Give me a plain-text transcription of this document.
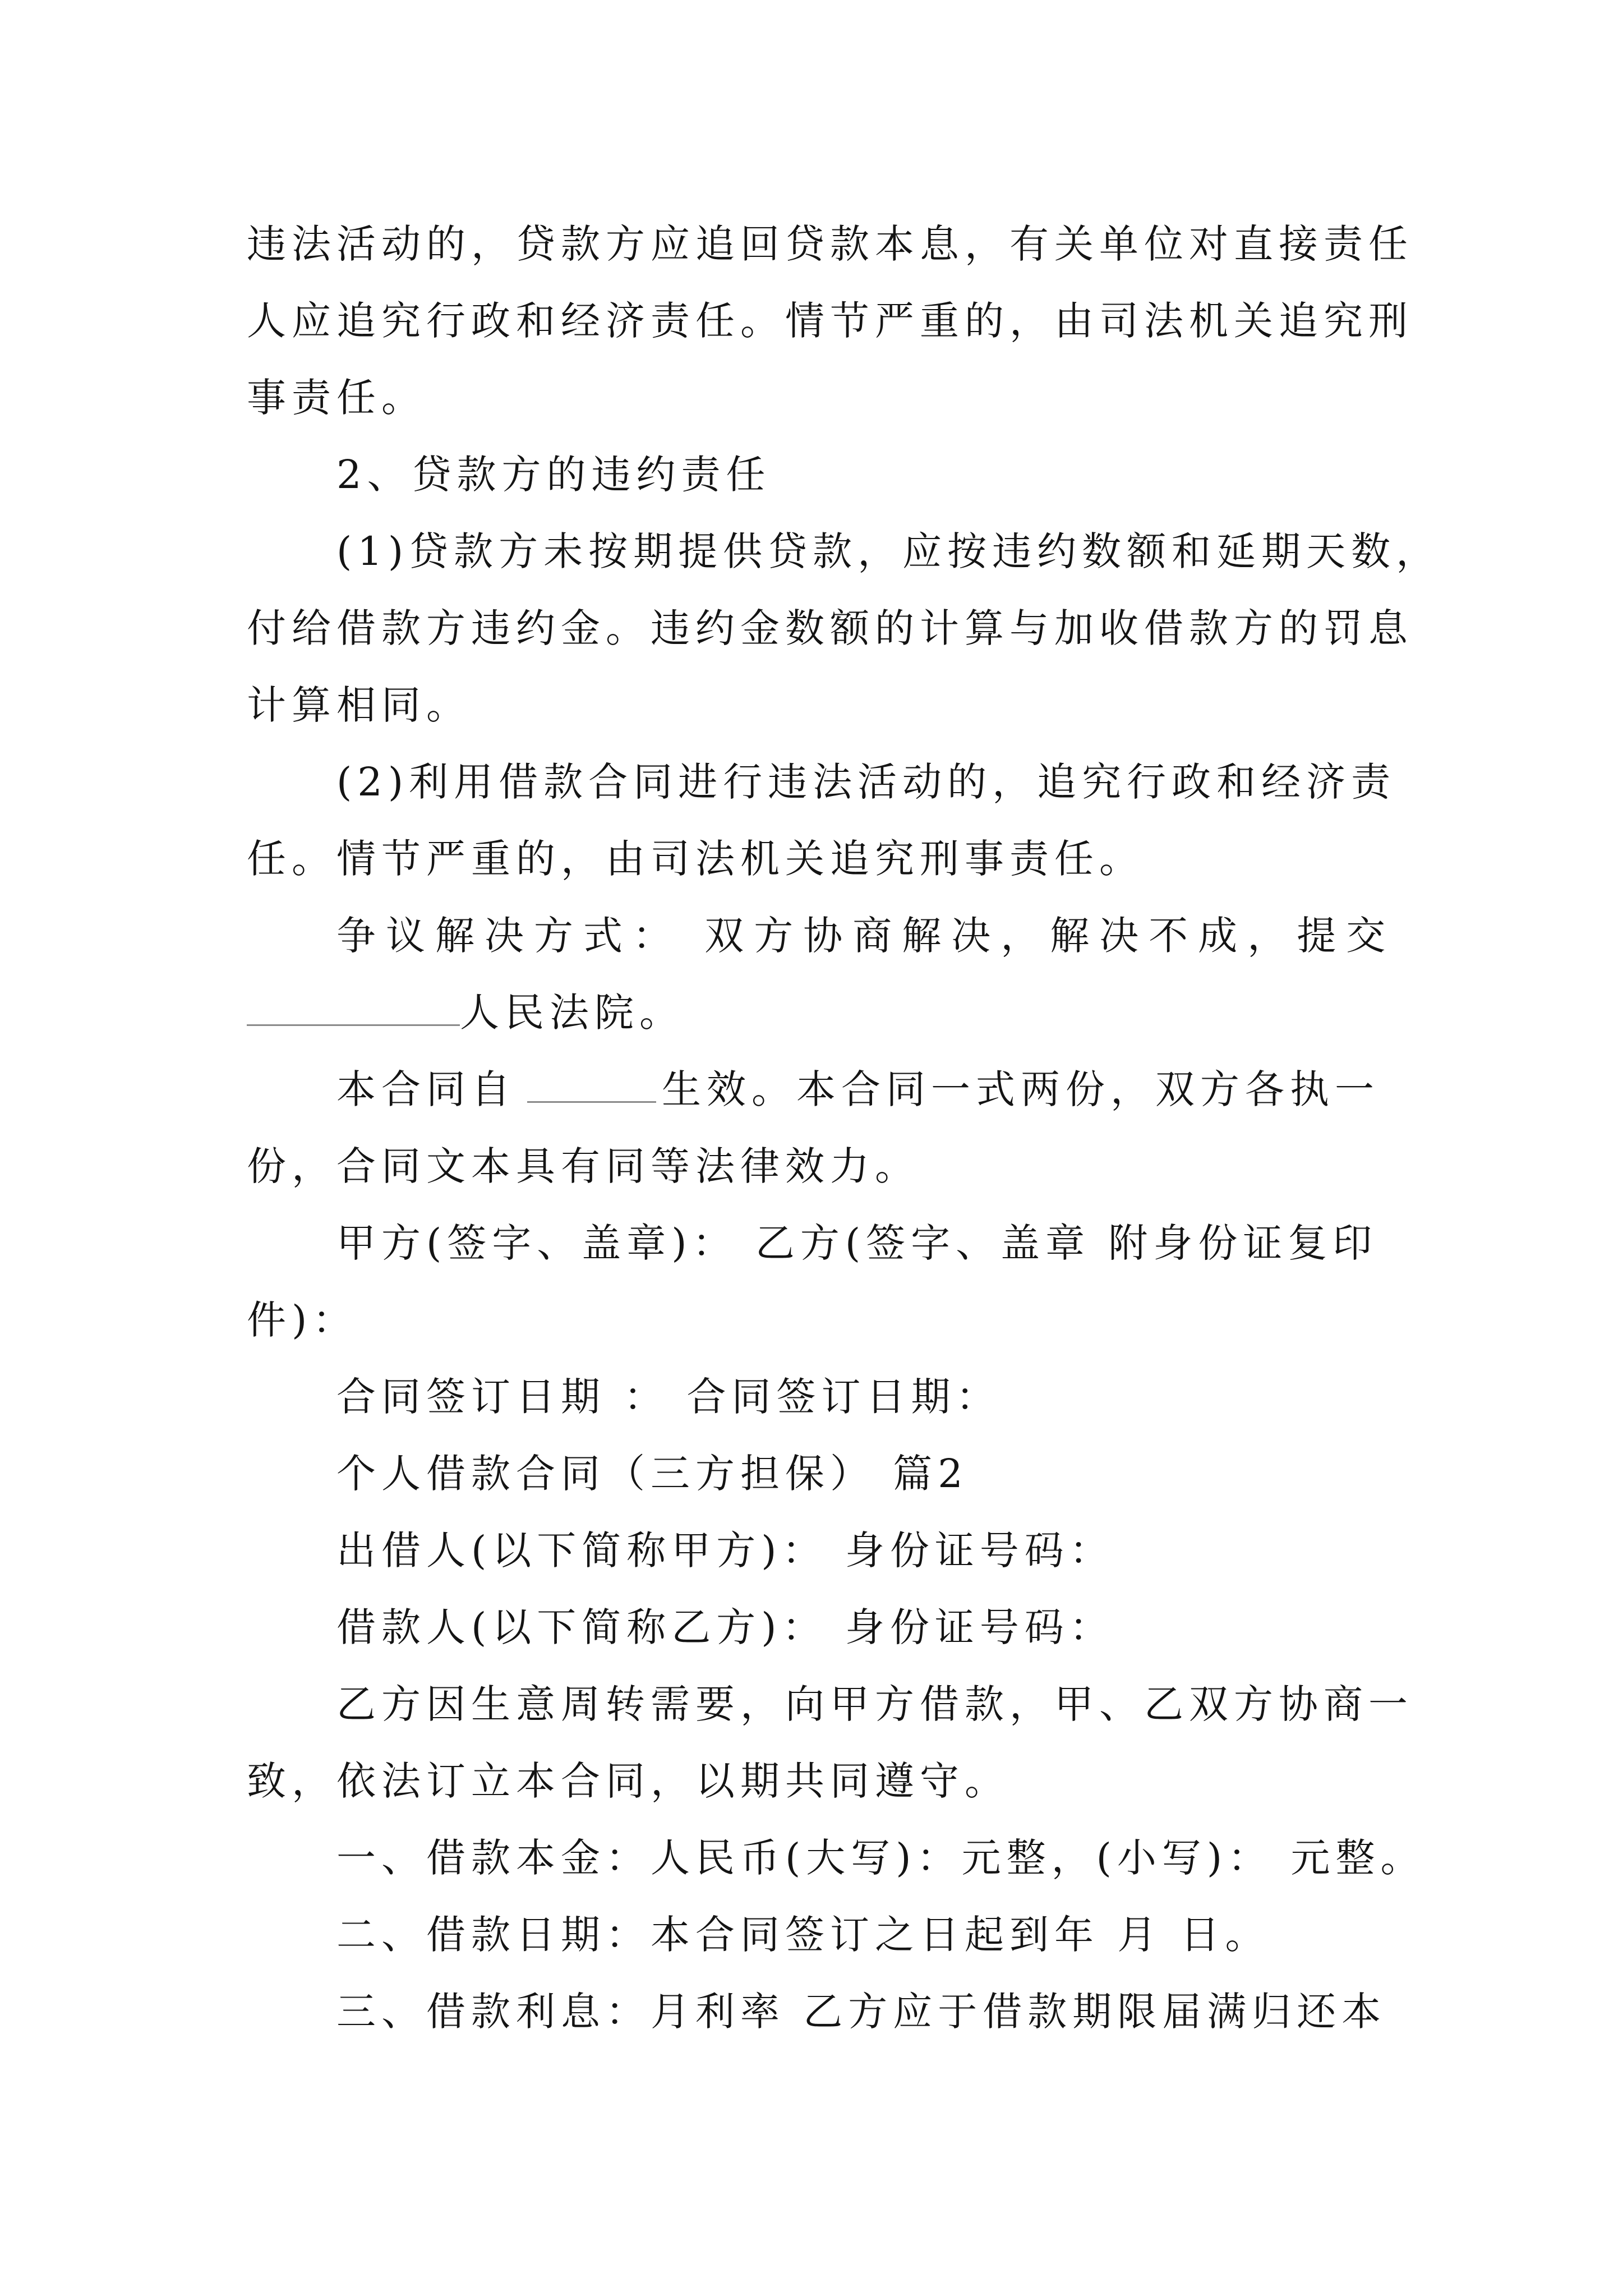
违法活动的，贷款方应追回贷款本息，有关单位对直接责任
人应追究行政和经济责任。情节严重的，由司法机关追究刑
事责任。
2、贷款方的违约责任
(1)贷款方未按期提供贷款，应按违约数额和延期天数，
付给借款方违约金。违约金数额的计算与加收借款方的罚息
计算相同。
(2)利用借款合同进行违法活动的，追究行政和经济责
任。情节严重的，由司法机关追究刑事责任。
争议解决方式： 双方协商解决，解决不成，提交
人民法院。
本合同自	生效。本合同一式两份，双方各执一
份，合同文本具有同等法律效力。
甲方(签字、盖章)： 乙方(签字、盖章 附身份证复印
件)：
合同签订日期 ： 合同签订日期：
个人借款合同（三方担保） 篇2
出借人(以下简称甲方)： 身份证号码：
借款人(以下简称乙方)： 身份证号码：
乙方因生意周转需要，向甲方借款，甲、乙双方协商一
致，依法订立本合同，以期共同遵守。
一、借款本金：人民币(大写)：元整，(小写)： 元整。
二、借款日期：本合同签订之日起到年 月 日。
三、借款利息：月利率 乙方应于借款期限届满归还本
